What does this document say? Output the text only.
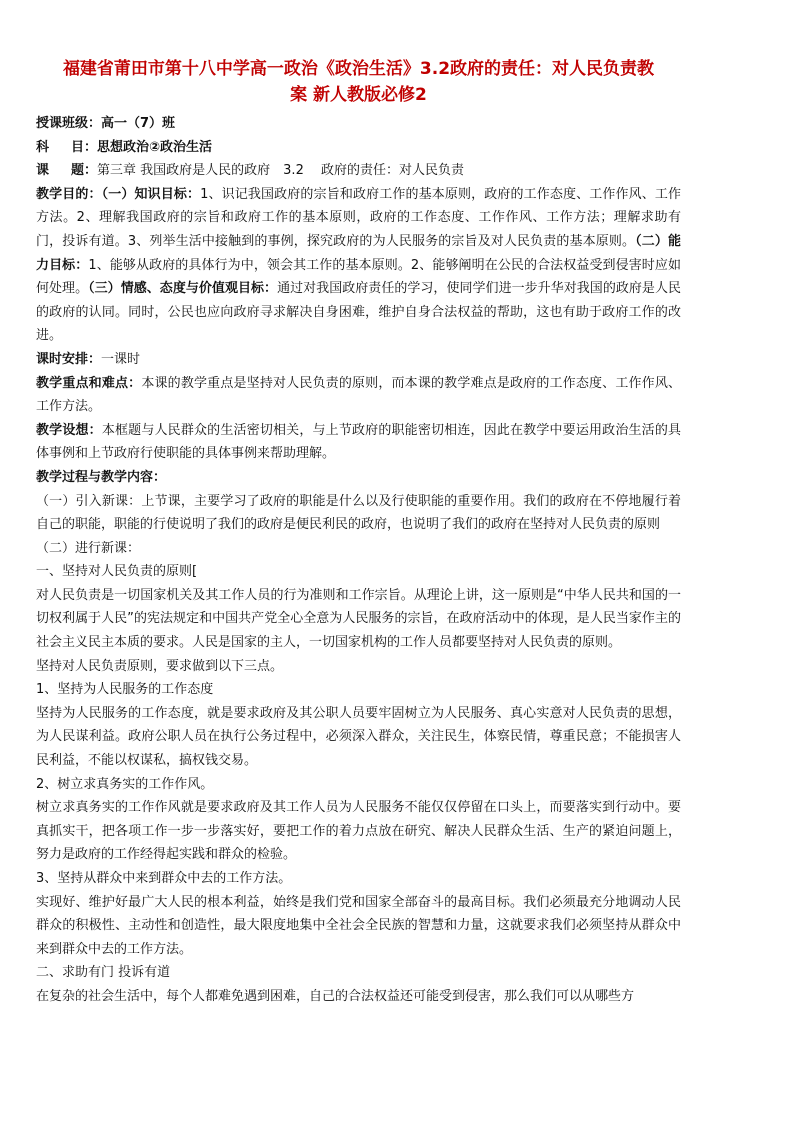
福建省莆田市第十八中学高一政治《政治生活》3.2政府的责任：对人民负责教
案 新人教版必修2

授课班级：高一（7）班

科 目：思想政治②政治生活

课 题：第三章 我国政府是人民的政府　3.2　 政府的责任：对人民负责

教学目的：（一）知识目标：1、识记我国政府的宗旨和政府工作的基本原则，政府的工作态度、工作作风、工作方法。2、理解我国政府的宗旨和政府工作的基本原则，政府的工作态度、工作作风、工作方法；理解求助有门，投诉有道。3、列举生活中接触到的事例，探究政府的为人民服务的宗旨及对人民负责的基本原则。（二）能力目标：1、能够从政府的具体行为中，领会其工作的基本原则。2、能够阐明在公民的合法权益受到侵害时应如何处理。（三）情感、态度与价值观目标：通过对我国政府责任的学习，使同学们进一步升华对我国的政府是人民的政府的认同。同时，公民也应向政府寻求解决自身困难，维护自身合法权益的帮助，这也有助于政府工作的改进。

课时安排：一课时

教学重点和难点：本课的教学重点是坚持对人民负责的原则，而本课的教学难点是政府的工作态度、工作作风、工作方法。

教学设想：本框题与人民群众的生活密切相关，与上节政府的职能密切相连，因此在教学中要运用政治生活的具体事例和上节政府行使职能的具体事例来帮助理解。

教学过程与教学内容：

（一）引入新课：上节课，主要学习了政府的职能是什么以及行使职能的重要作用。我们的政府在不停地履行着自己的职能，职能的行使说明了我们的政府是便民利民的政府，也说明了我们的政府在坚持对人民负责的原则

（二）进行新课：

一、坚持对人民负责的原则[

对人民负责是一切国家机关及其工作人员的行为准则和工作宗旨。从理论上讲，这一原则是“中华人民共和国的一切权利属于人民”的宪法规定和中国共产党全心全意为人民服务的宗旨，在政府活动中的体现，是人民当家作主的社会主义民主本质的要求。人民是国家的主人，一切国家机构的工作人员都要坚持对人民负责的原则。

坚持对人民负责原则，要求做到以下三点。

1、坚持为人民服务的工作态度

坚持为人民服务的工作态度，就是要求政府及其公职人员要牢固树立为人民服务、真心实意对人民负责的思想，为人民谋利益。政府公职人员在执行公务过程中，必须深入群众，关注民生，体察民情，尊重民意；不能损害人民利益，不能以权谋私，搞权钱交易。

2、树立求真务实的工作作风。

树立求真务实的工作作风就是要求政府及其工作人员为人民服务不能仅仅停留在口头上，而要落实到行动中。要真抓实干，把各项工作一步一步落实好，要把工作的着力点放在研究、解决人民群众生活、生产的紧迫问题上，努力是政府的工作经得起实践和群众的检验。

3、坚持从群众中来到群众中去的工作方法。

实现好、维护好最广大人民的根本利益，始终是我们党和国家全部奋斗的最高目标。我们必须最充分地调动人民群众的积极性、主动性和创造性，最大限度地集中全社会全民族的智慧和力量，这就要求我们必须坚持从群众中来到群众中去的工作方法。

二、求助有门 投诉有道

在复杂的社会生活中，每个人都难免遇到困难，自己的合法权益还可能受到侵害，那么我们可以从哪些方
